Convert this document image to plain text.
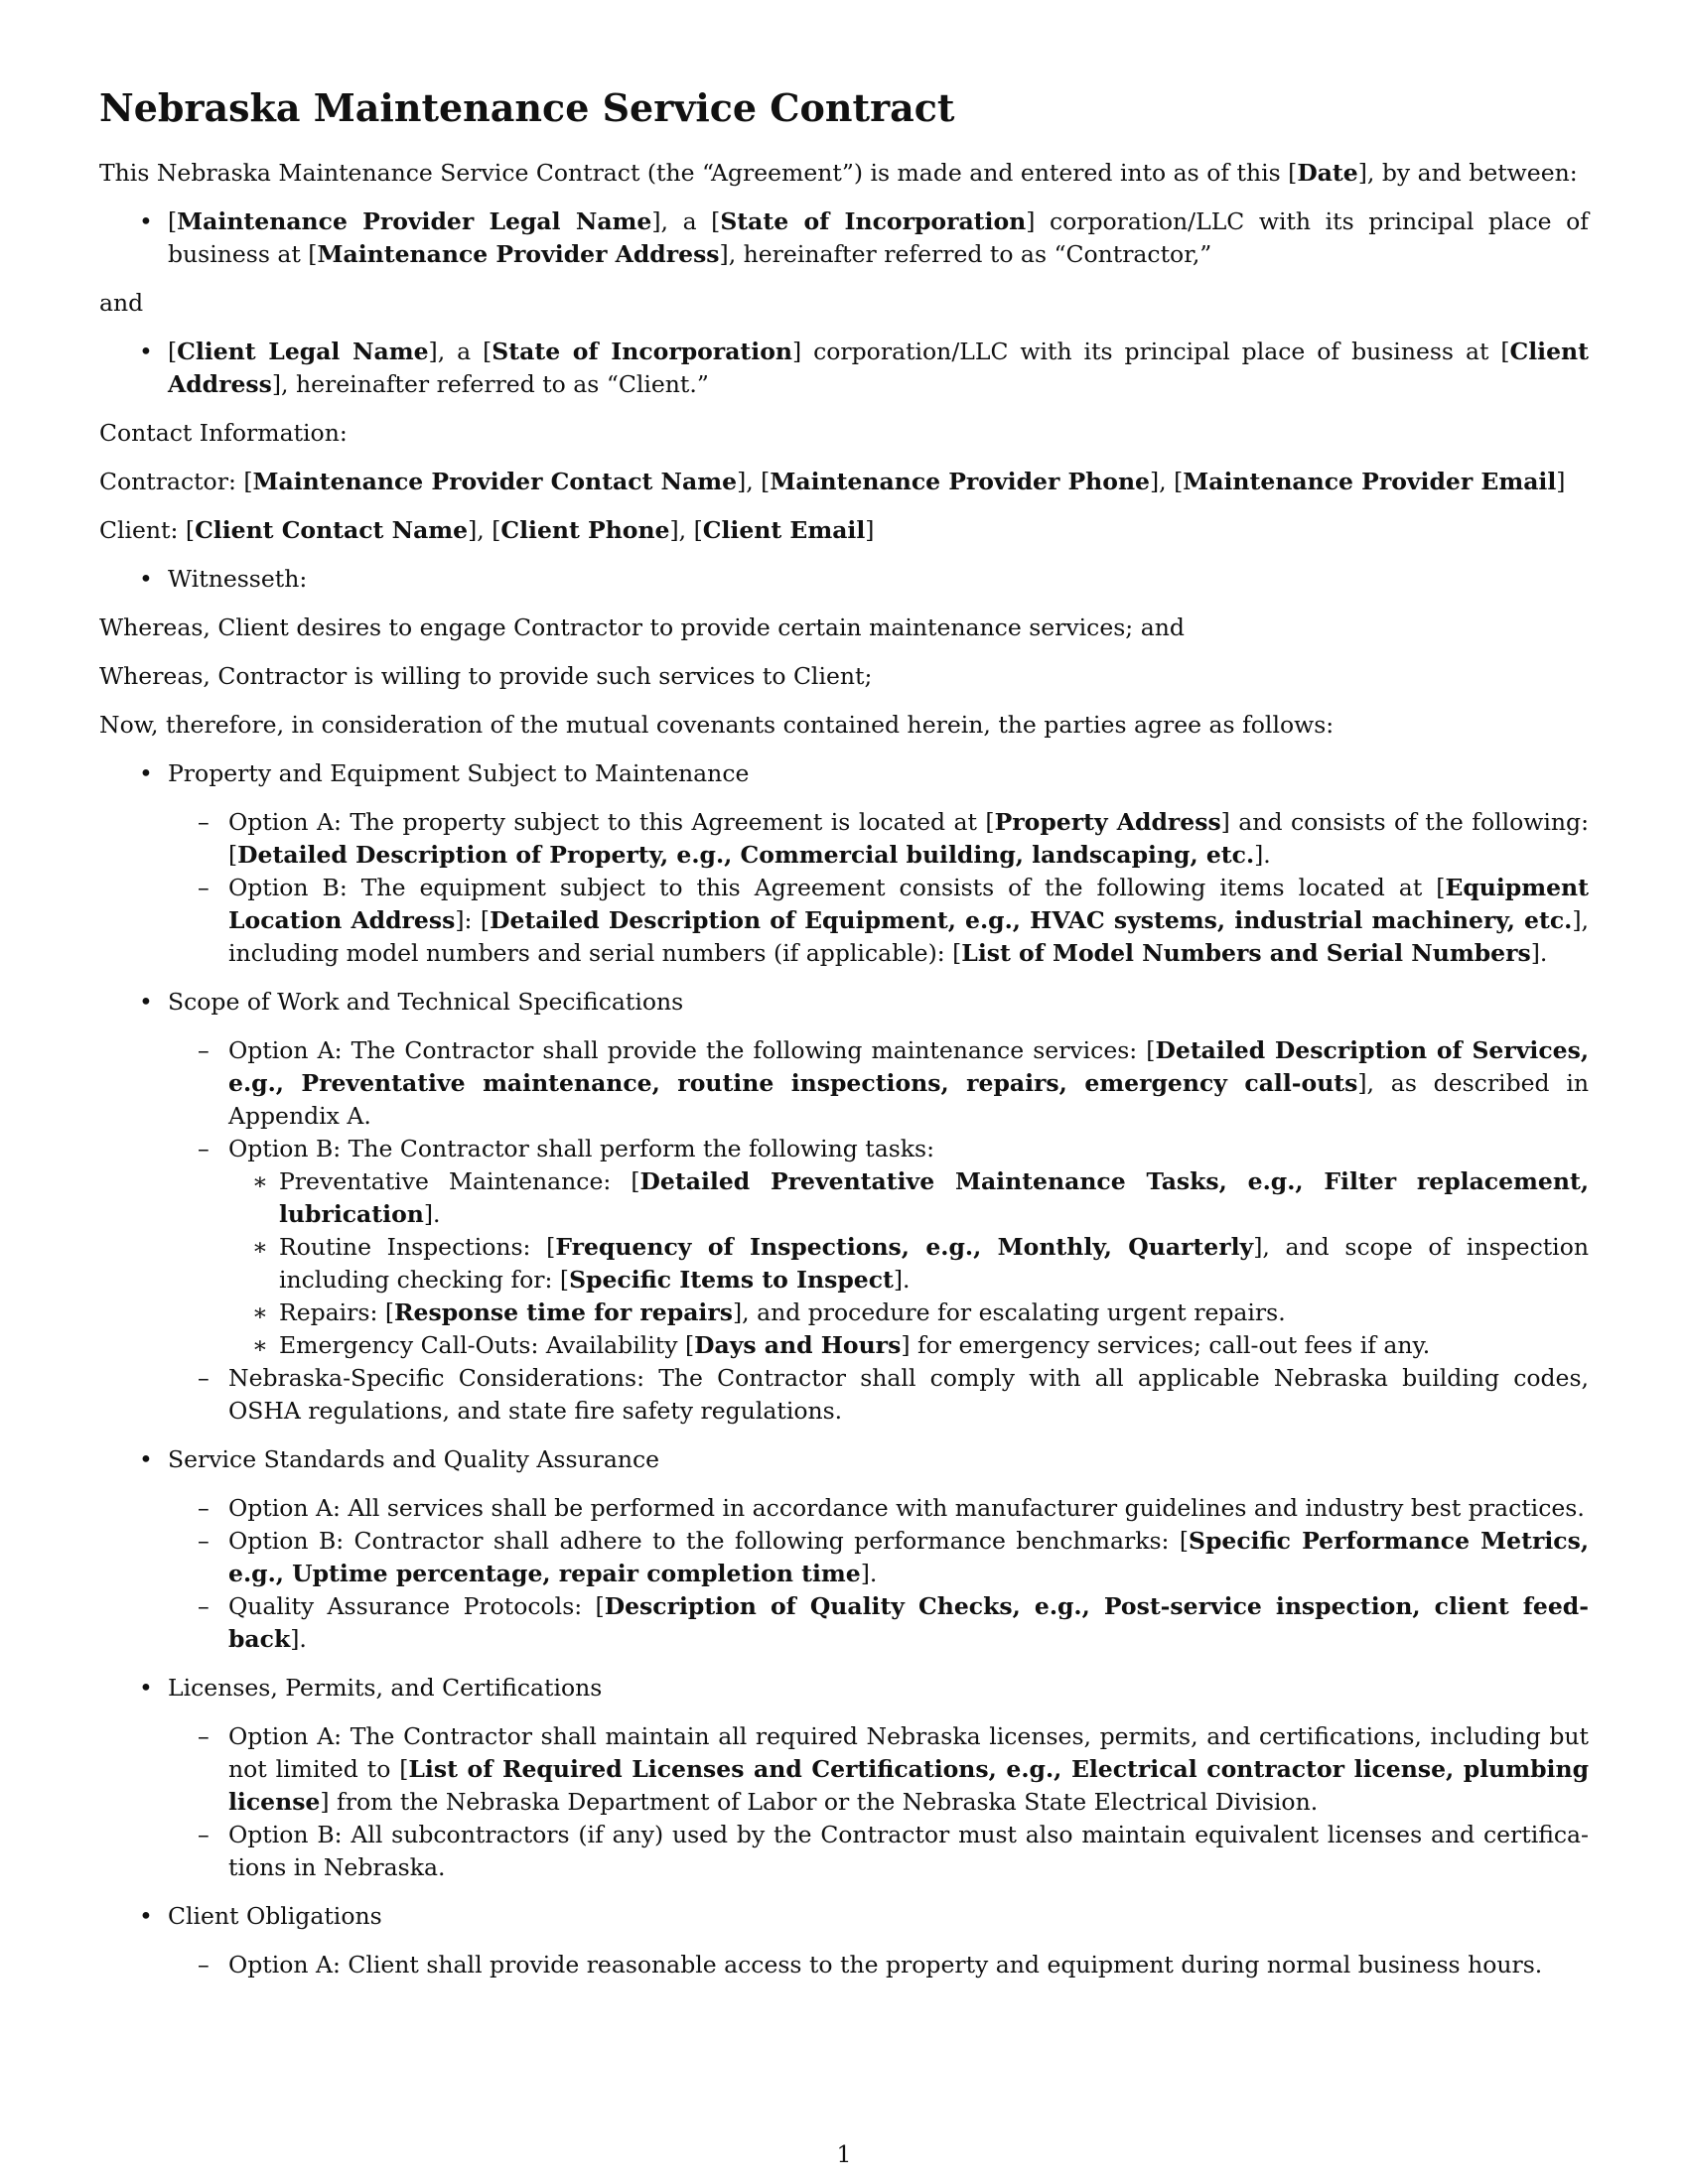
Nebraska Maintenance Service Contract

This Nebraska Maintenance Service Contract (the “Agreement”) is made and entered into as of this [Date], by and between:

• [Maintenance Provider Legal Name], a [State of Incorporation] corporation/LLC with its principal place of business at [Maintenance Provider Address], hereinafter referred to as “Contractor,”

and

• [Client Legal Name], a [State of Incorporation] corporation/LLC with its principal place of business at [Client Address], hereinafter referred to as “Client.”

Contact Information:

Contractor: [Maintenance Provider Contact Name], [Maintenance Provider Phone], [Maintenance Provider Email]

Client: [Client Contact Name], [Client Phone], [Client Email]

• Witnesseth:

Whereas, Client desires to engage Contractor to provide certain maintenance services; and

Whereas, Contractor is willing to provide such services to Client;

Now, therefore, in consideration of the mutual covenants contained herein, the parties agree as follows:

• Property and Equipment Subject to Maintenance
– Option A: The property subject to this Agreement is located at [Property Address] and consists of the following: [Detailed Description of Property, e.g., Commercial building, landscaping, etc.].
– Option B: The equipment subject to this Agreement consists of the following items located at [Equipment Location Address]: [Detailed Description of Equipment, e.g., HVAC systems, industrial machinery, etc.], including model numbers and serial numbers (if applicable): [List of Model Numbers and Serial Numbers].
• Scope of Work and Technical Specifications
– Option A: The Contractor shall provide the following maintenance services: [Detailed Description of Services, e.g., Preventative maintenance, routine inspections, repairs, emergency call-outs], as described in Appendix A.
– Option B: The Contractor shall perform the following tasks:
∗ Preventative Maintenance: [Detailed Preventative Maintenance Tasks, e.g., Filter replacement, lubrication].
∗ Routine Inspections: [Frequency of Inspections, e.g., Monthly, Quarterly], and scope of inspection including checking for: [Specific Items to Inspect].
∗ Repairs: [Response time for repairs], and procedure for escalating urgent repairs.
∗ Emergency Call-Outs: Availability [Days and Hours] for emergency services; call-out fees if any.
– Nebraska-Specific Considerations: The Contractor shall comply with all applicable Nebraska building codes, OSHA regulations, and state fire safety regulations.
• Service Standards and Quality Assurance
– Option A: All services shall be performed in accordance with manufacturer guidelines and industry best practices.
– Option B: Contractor shall adhere to the following performance benchmarks: [Specific Performance Metrics, e.g., Uptime percentage, repair completion time].
– Quality Assurance Protocols: [Description of Quality Checks, e.g., Post-service inspection, client feed-back].
• Licenses, Permits, and Certifications
– Option A: The Contractor shall maintain all required Nebraska licenses, permits, and certifications, including but not limited to [List of Required Licenses and Certifications, e.g., Electrical contractor license, plumbing license] from the Nebraska Department of Labor or the Nebraska State Electrical Division.
– Option B: All subcontractors (if any) used by the Contractor must also maintain equivalent licenses and certifica-tions in Nebraska.
• Client Obligations
– Option A: Client shall provide reasonable access to the property and equipment during normal business hours.
1
